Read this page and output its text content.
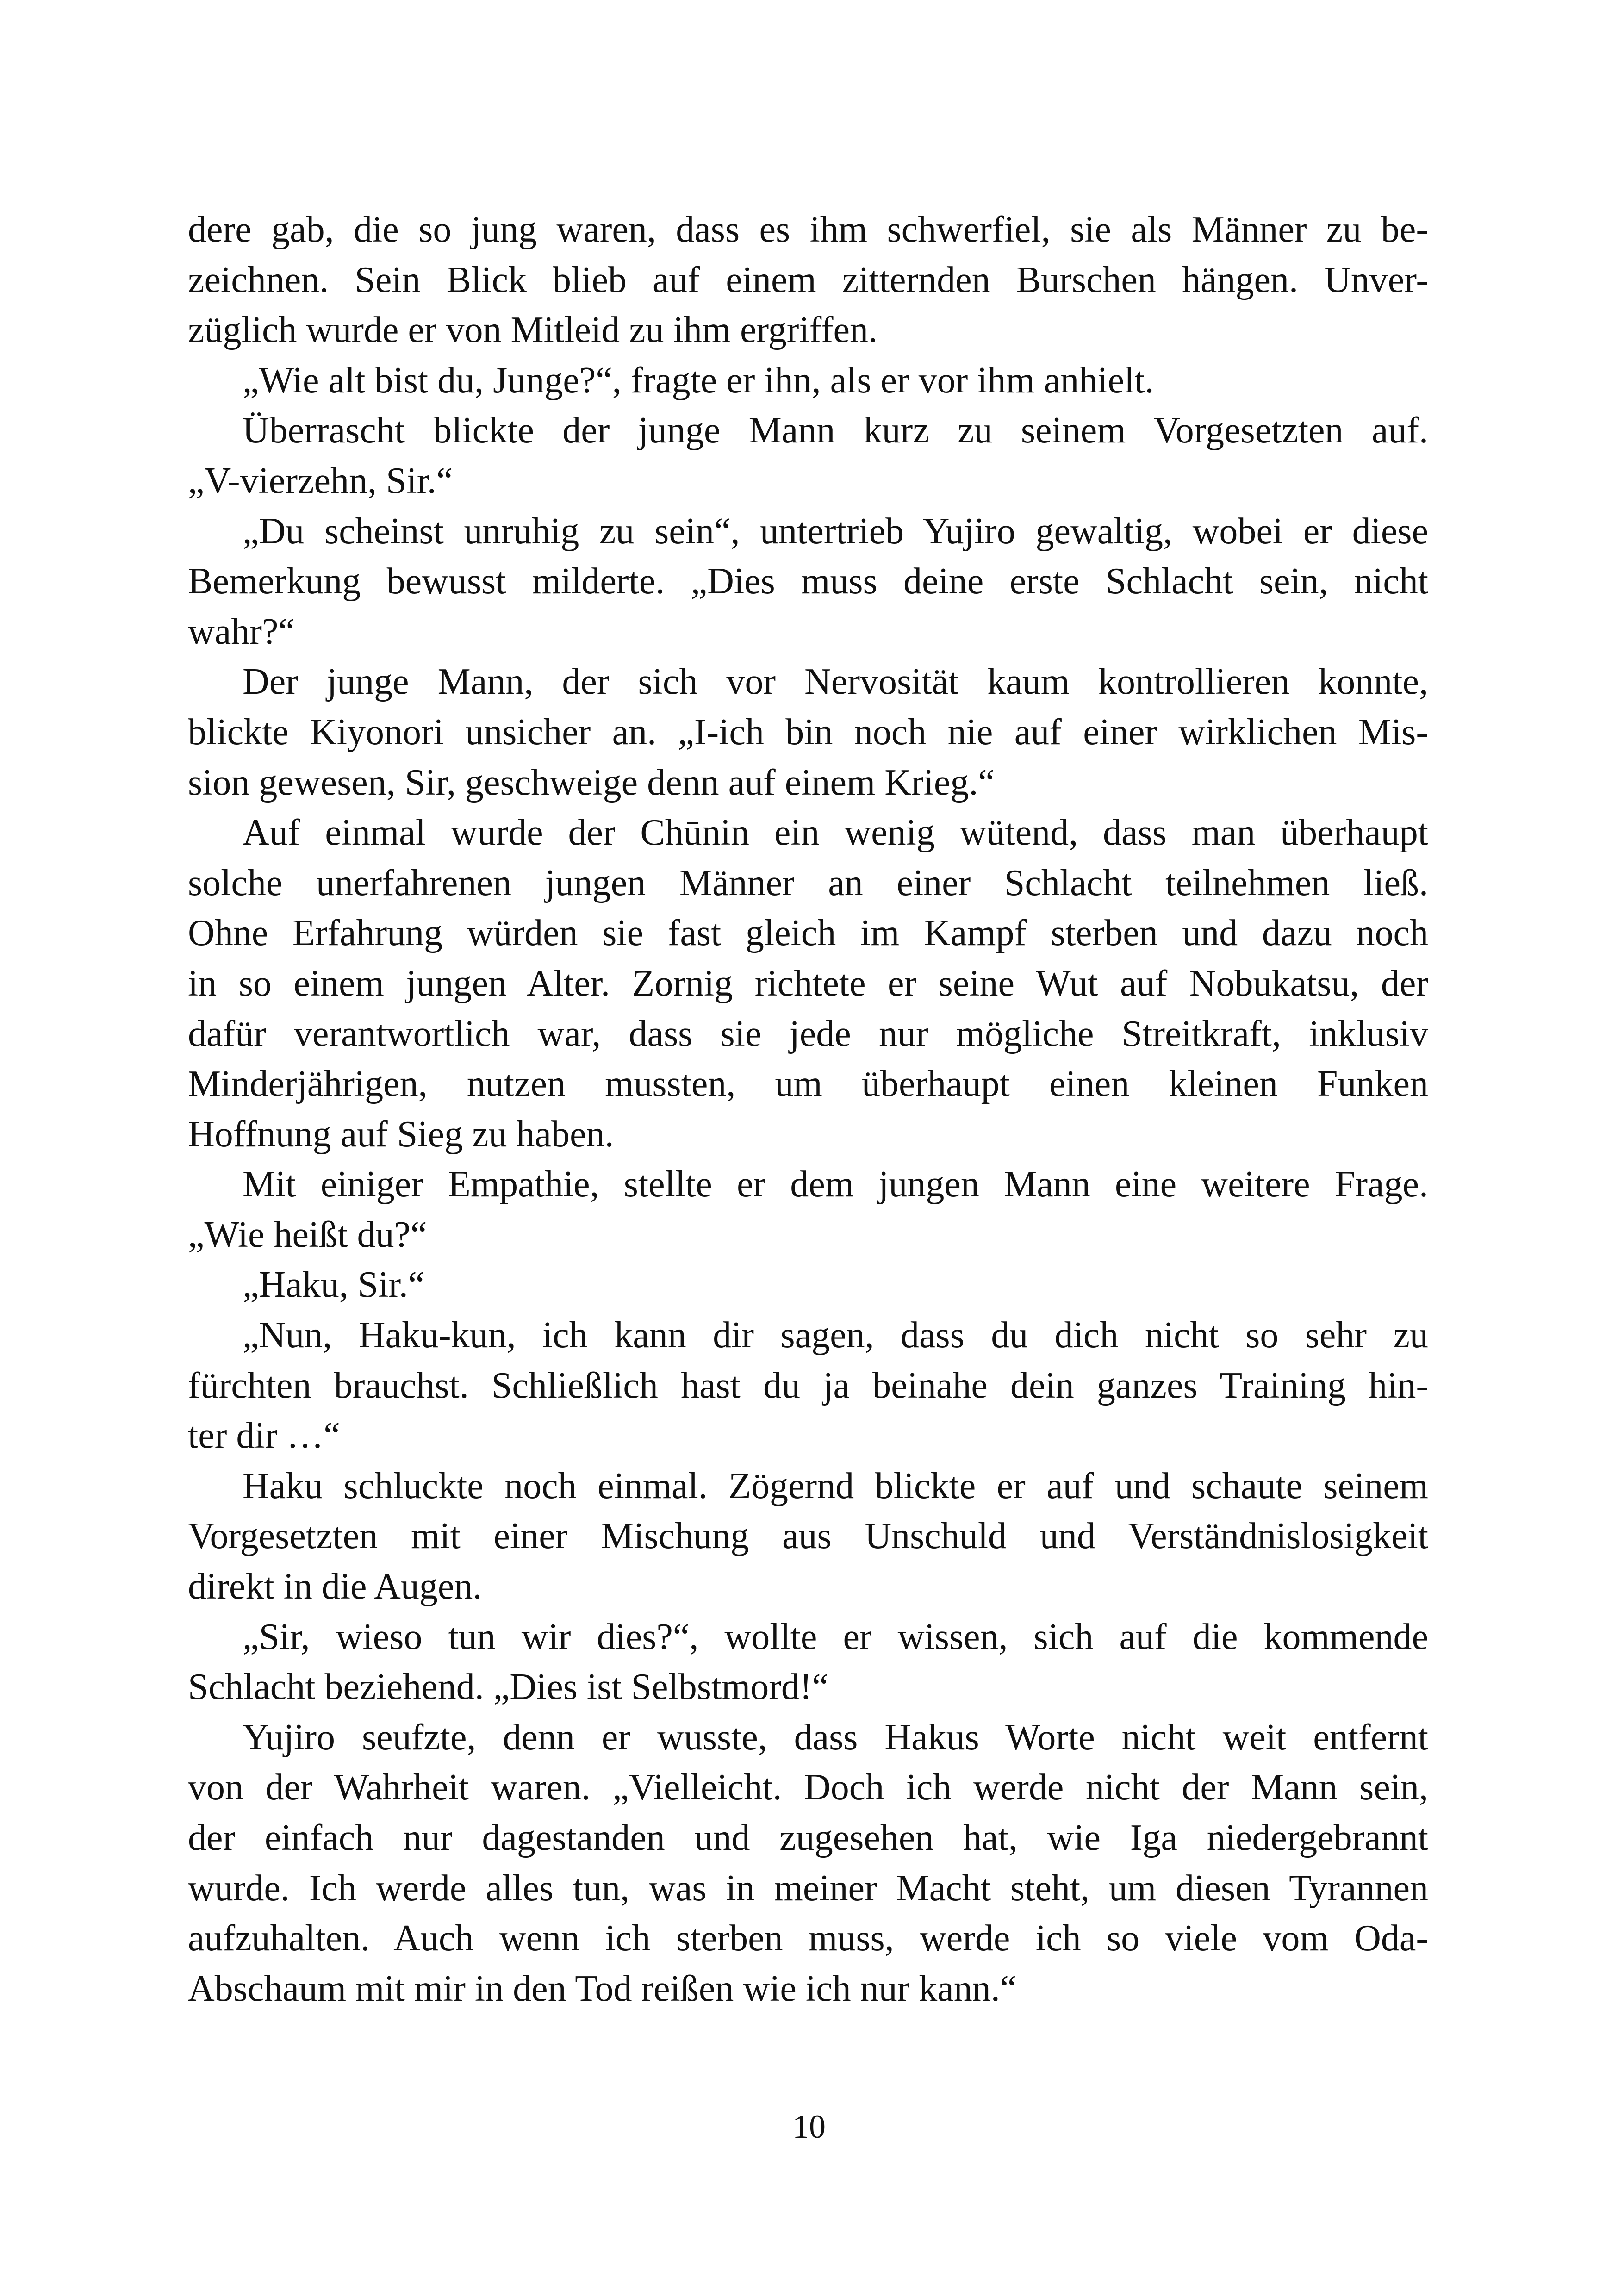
dere gab, die so jung waren, dass es ihm schwerfiel, sie als Männer zu be-
zeichnen. Sein Blick blieb auf einem zitternden Burschen hängen. Unver-
züglich wurde er von Mitleid zu ihm ergriffen.
„Wie alt bist du, Junge?“, fragte er ihn, als er vor ihm anhielt.
Überrascht blickte der junge Mann kurz zu seinem Vorgesetzten auf.
„V-vierzehn, Sir.“
„Du scheinst unruhig zu sein“, untertrieb Yujiro gewaltig, wobei er diese
Bemerkung bewusst milderte. „Dies muss deine erste Schlacht sein, nicht
wahr?“
Der junge Mann, der sich vor Nervosität kaum kontrollieren konnte,
blickte Kiyonori unsicher an. „I-ich bin noch nie auf einer wirklichen Mis-
sion gewesen, Sir, geschweige denn auf einem Krieg.“
Auf einmal wurde der Chūnin ein wenig wütend, dass man überhaupt
solche unerfahrenen jungen Männer an einer Schlacht teilnehmen ließ.
Ohne Erfahrung würden sie fast gleich im Kampf sterben und dazu noch
in so einem jungen Alter. Zornig richtete er seine Wut auf Nobukatsu, der
dafür verantwortlich war, dass sie jede nur mögliche Streitkraft, inklusiv
Minderjährigen, nutzen mussten, um überhaupt einen kleinen Funken
Hoffnung auf Sieg zu haben.
Mit einiger Empathie, stellte er dem jungen Mann eine weitere Frage.
„Wie heißt du?“
„Haku, Sir.“
„Nun, Haku-kun, ich kann dir sagen, dass du dich nicht so sehr zu
fürchten brauchst. Schließlich hast du ja beinahe dein ganzes Training hin-
ter dir …“
Haku schluckte noch einmal. Zögernd blickte er auf und schaute seinem
Vorgesetzten mit einer Mischung aus Unschuld und Verständnislosigkeit
direkt in die Augen.
„Sir, wieso tun wir dies?“, wollte er wissen, sich auf die kommende
Schlacht beziehend. „Dies ist Selbstmord!“
Yujiro seufzte, denn er wusste, dass Hakus Worte nicht weit entfernt
von der Wahrheit waren. „Vielleicht. Doch ich werde nicht der Mann sein,
der einfach nur dagestanden und zugesehen hat, wie Iga niedergebrannt
wurde. Ich werde alles tun, was in meiner Macht steht, um diesen Tyrannen
aufzuhalten. Auch wenn ich sterben muss, werde ich so viele vom Oda-
Abschaum mit mir in den Tod reißen wie ich nur kann.“
10
